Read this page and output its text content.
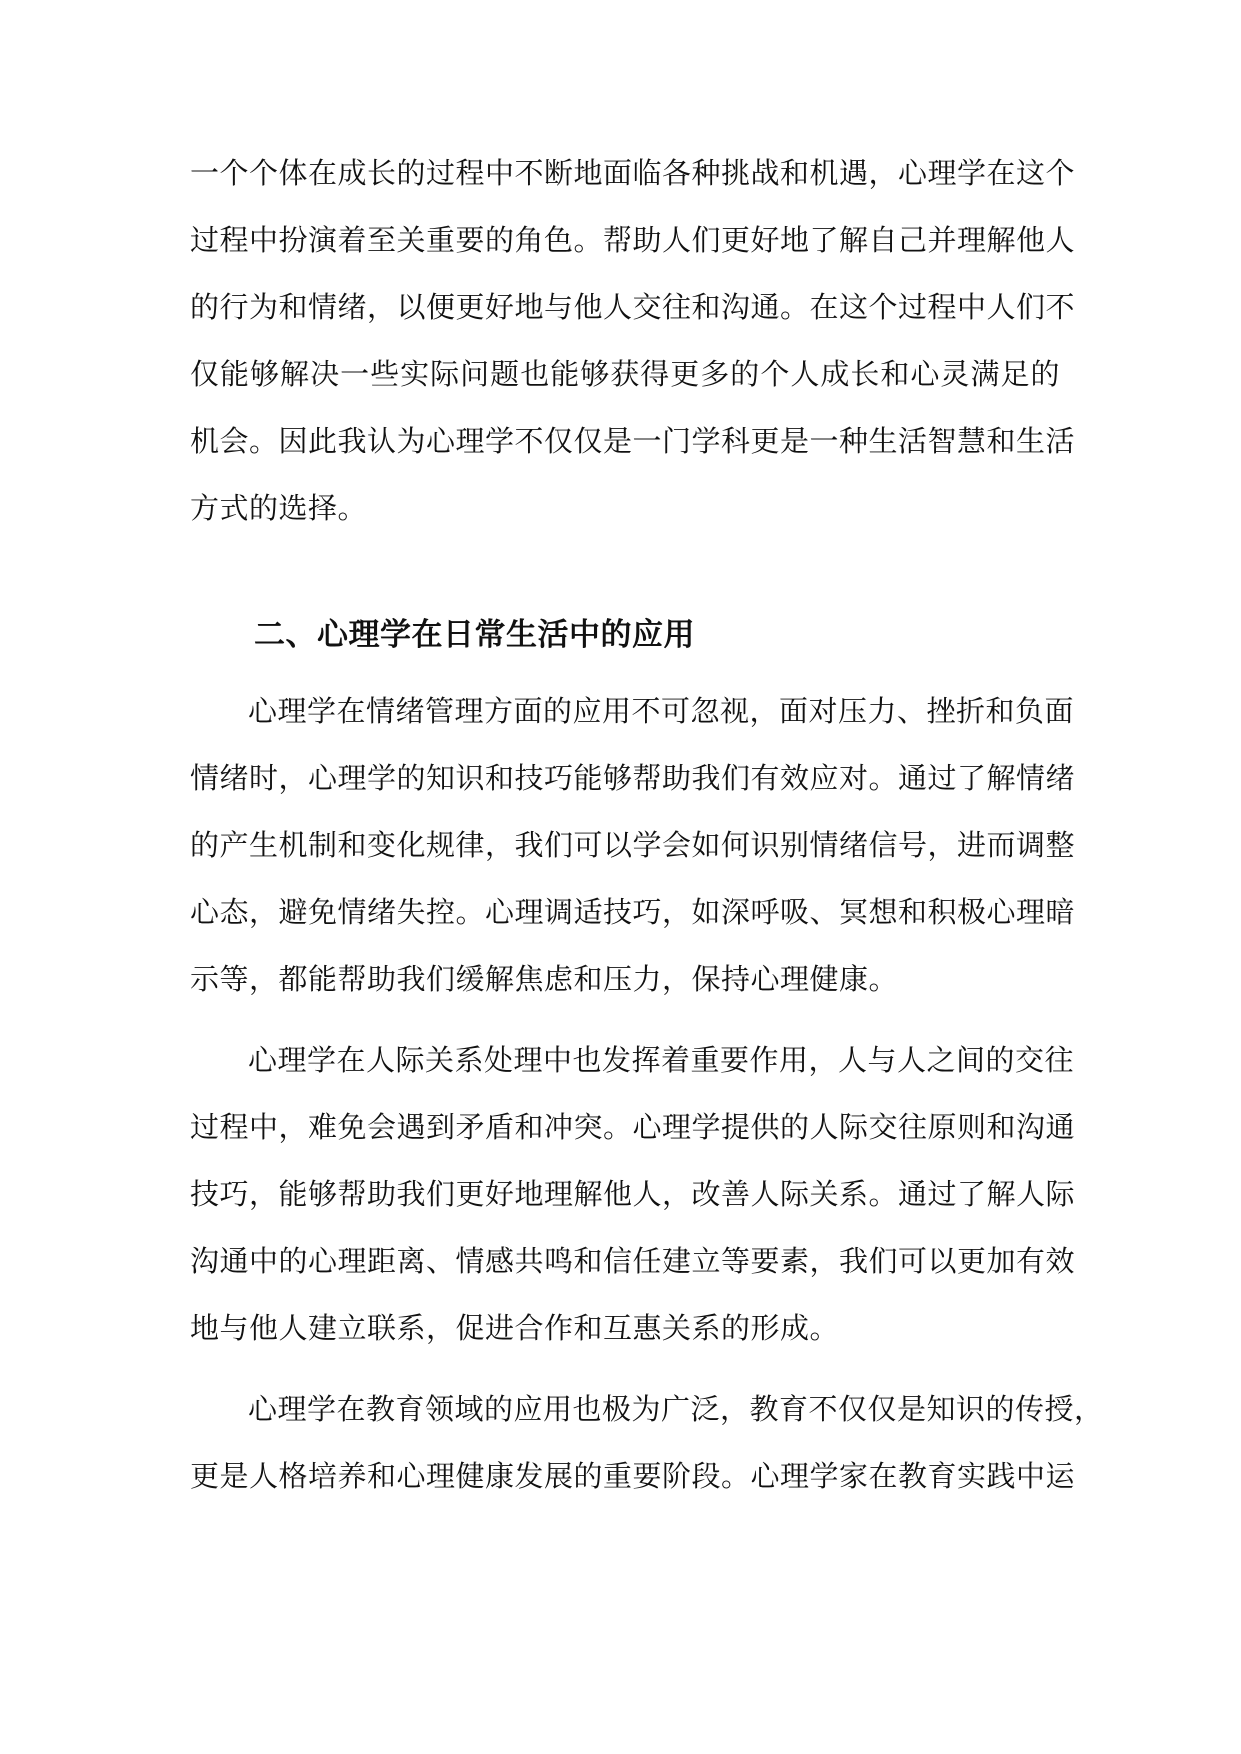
一个个体在成长的过程中不断地面临各种挑战和机遇，心理学在这个
过程中扮演着至关重要的角色。帮助人们更好地了解自己并理解他人
的行为和情绪，以便更好地与他人交往和沟通。在这个过程中人们不
仅能够解决一些实际问题也能够获得更多的个人成长和心灵满足的
机会。因此我认为心理学不仅仅是一门学科更是一种生活智慧和生活
方式的选择。
二、心理学在日常生活中的应用
心理学在情绪管理方面的应用不可忽视，面对压力、挫折和负面
情绪时，心理学的知识和技巧能够帮助我们有效应对。通过了解情绪
的产生机制和变化规律，我们可以学会如何识别情绪信号，进而调整
心态，避免情绪失控。心理调适技巧，如深呼吸、冥想和积极心理暗
示等，都能帮助我们缓解焦虑和压力，保持心理健康。
心理学在人际关系处理中也发挥着重要作用，人与人之间的交往
过程中，难免会遇到矛盾和冲突。心理学提供的人际交往原则和沟通
技巧，能够帮助我们更好地理解他人，改善人际关系。通过了解人际
沟通中的心理距离、情感共鸣和信任建立等要素，我们可以更加有效
地与他人建立联系，促进合作和互惠关系的形成。
心理学在教育领域的应用也极为广泛，教育不仅仅是知识的传授，
更是人格培养和心理健康发展的重要阶段。心理学家在教育实践中运
